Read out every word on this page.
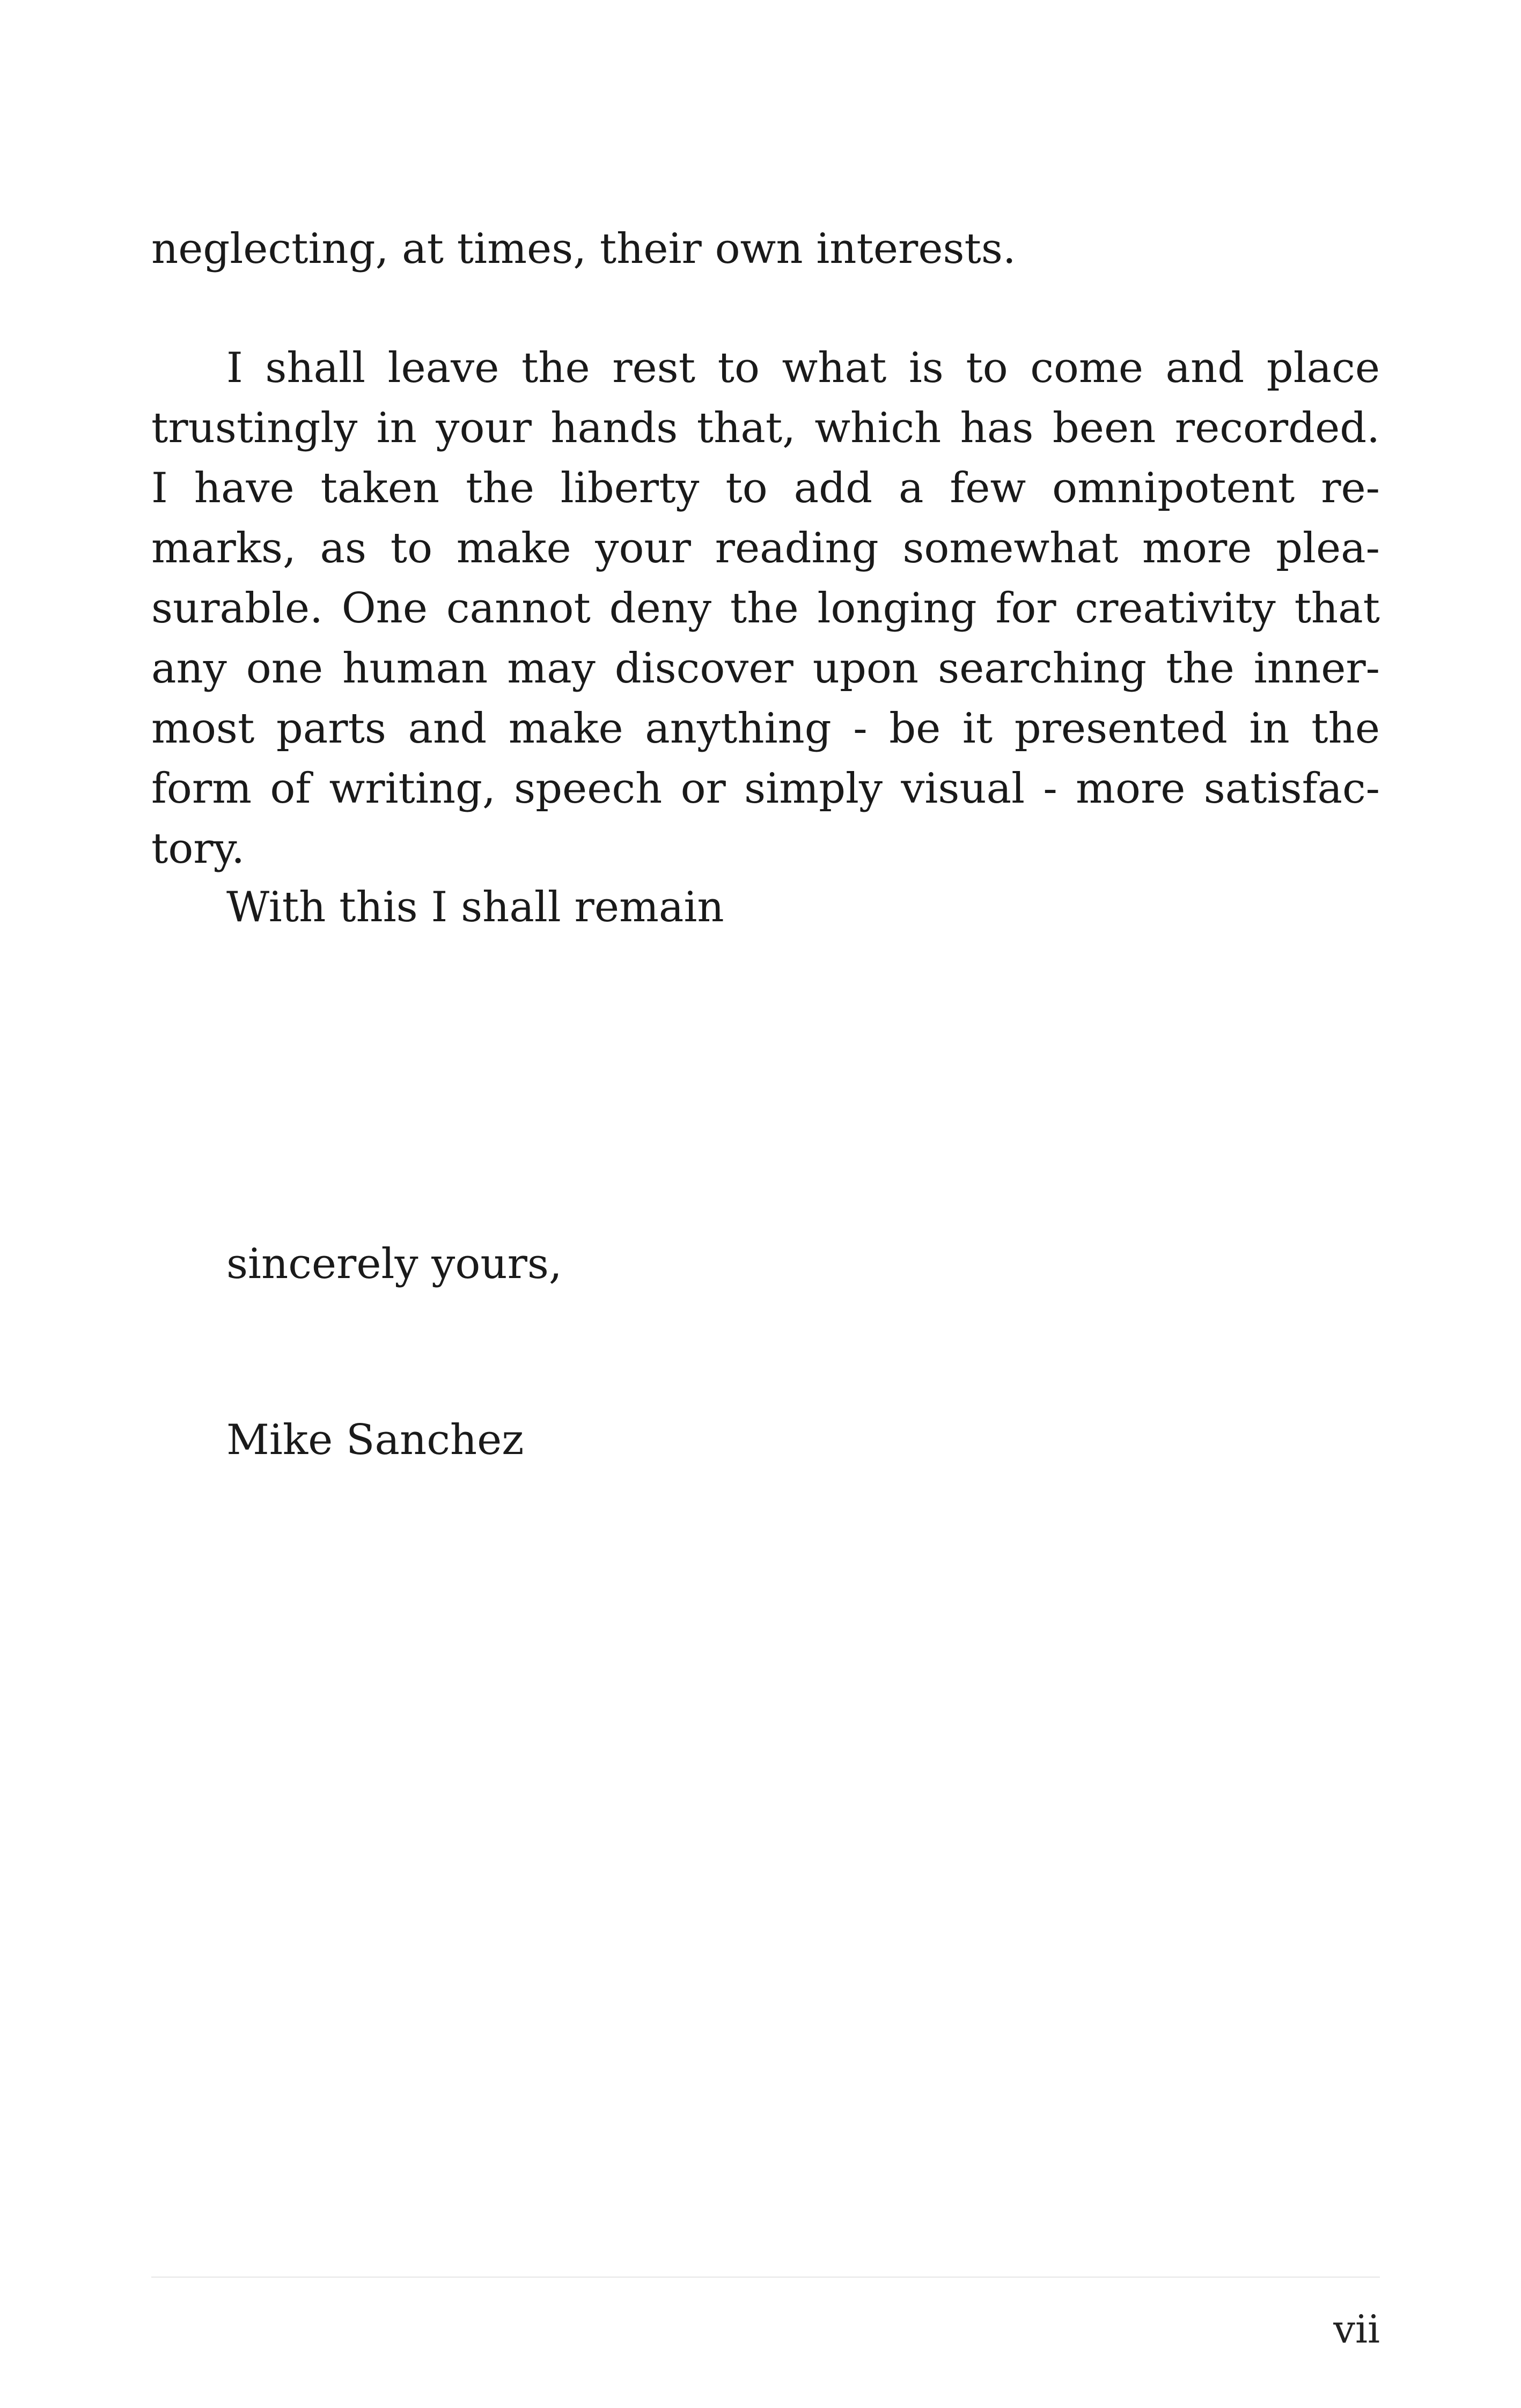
neglecting, at times, their own interests.
I shall leave the rest to what is to come and place
trustingly in your hands that, which has been recorded.
I have taken the liberty to add a few omnipotent re-
marks, as to make your reading somewhat more plea-
surable. One cannot deny the longing for creativity that
any one human may discover upon searching the inner-
most parts and make anything - be it presented in the
form of writing, speech or simply visual - more satisfac-
tory.
With this I shall remain
sincerely yours,
Mike Sanchez
vii
